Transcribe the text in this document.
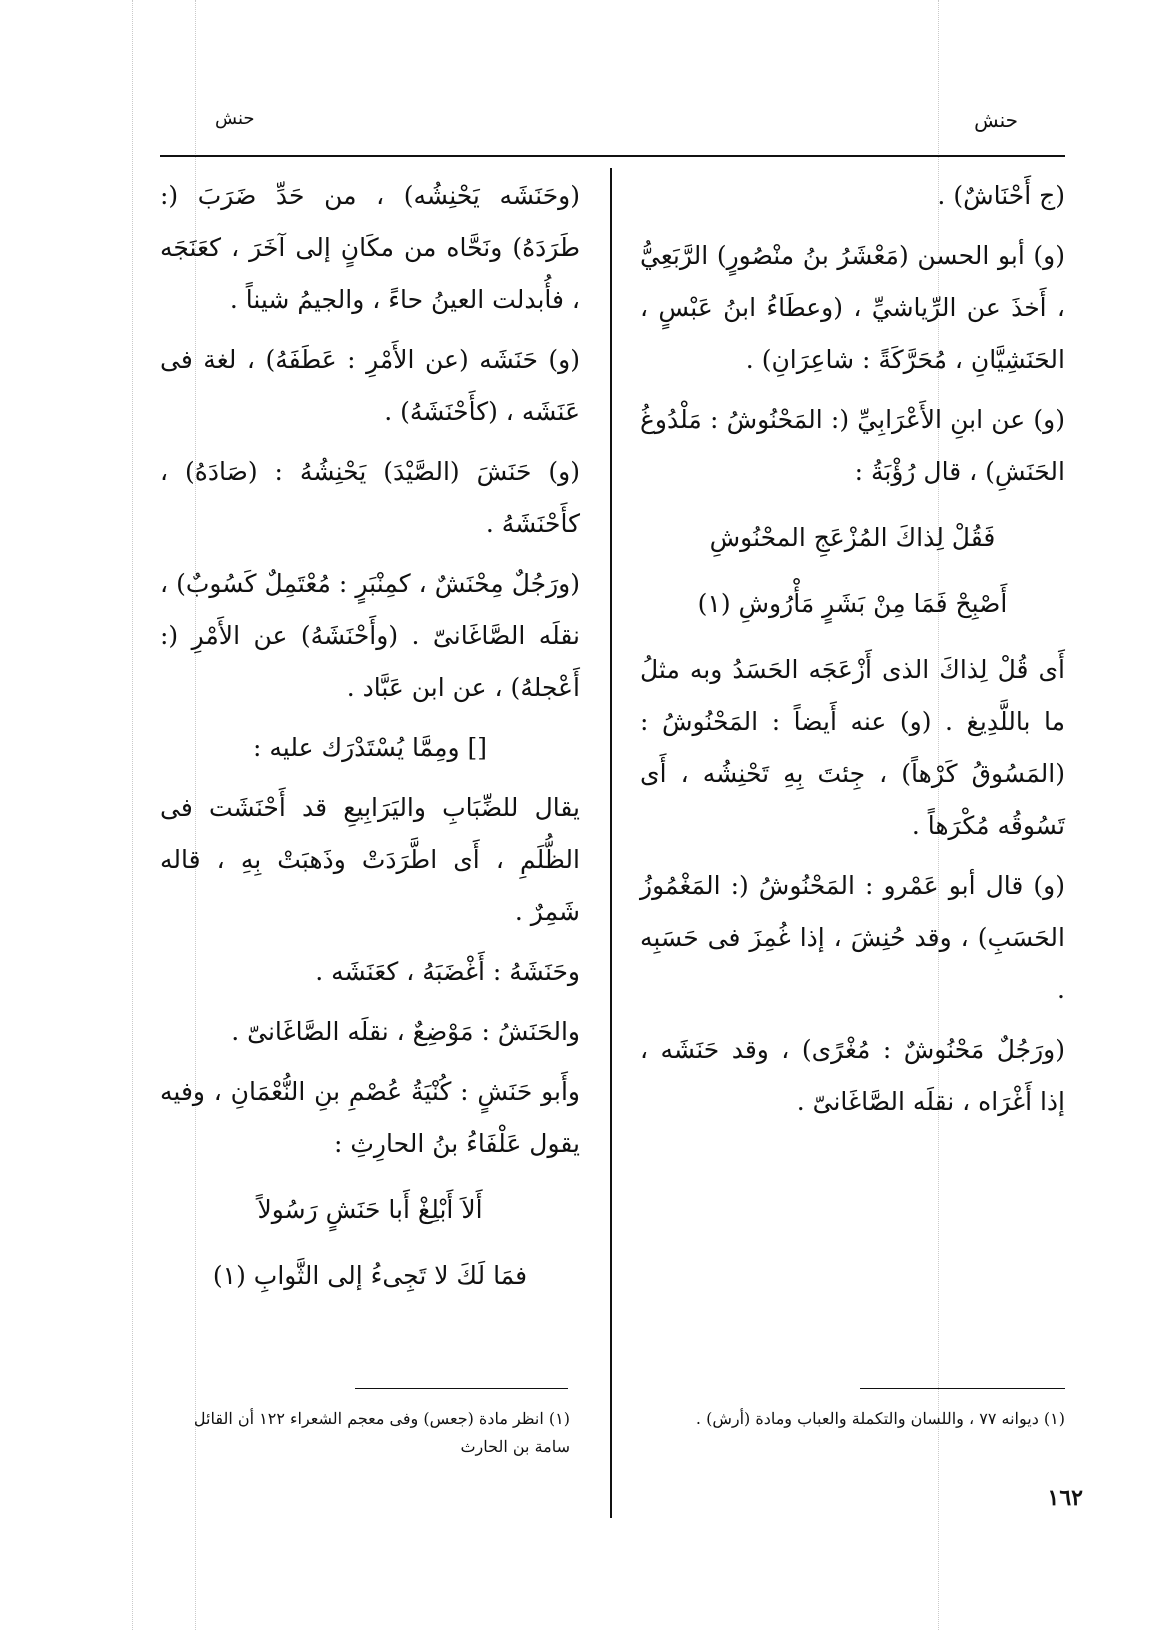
حنش
حنش

(ج أَحْنَاشٌ) .

(و) أبو الحسن (مَعْشَرُ بنُ منْصُورٍ) الرَّبَعِيُّ ، أَخذَ عن الرِّياشيِّ ، (وعطَاءُ ابنُ عَبْسٍ ، الحَنَشِيَّانِ ، مُحَرَّكَةً : شاعِرَانِ) .

(و) عن ابنِ الأَعْرَابِيِّ (: المَحْنُوشُ : مَلْدُوغُ الحَنَشِ) ، قال رُؤْبَةُ :

فَقُلْ لِذاكَ المُزْعَجِ المحْنُوشِ

أَصْبِحْ فَمَا مِنْ بَشَرٍ مَأْرُوشِ (١)

أَى قُلْ لِذاكَ الذى أَزْعَجَه الحَسَدُ وبه مثلُ ما باللَّدِيغ . (و) عنه أَيضاً : المَحْنُوشُ : (المَسُوقُ كَرْهاً) ، جِئتَ بِهِ تَحْنِشُه ، أَى تَسُوقُه مُكْرَهاً .

(و) قال أبو عَمْرو : المَحْنُوشُ (: المَغْمُوزُ الحَسَبِ) ، وقد حُنِشَ ، إذا غُمِزَ فى حَسَبِه .

(ورَجُلٌ مَحْنُوشٌ : مُغْرًى) ، وقد حَنَشَه ، إذا أَغْرَاه ، نقلَه الصَّاغَانىّ .

(وحَنَشَه يَحْنِشُه) ، من حَدِّ ضَرَبَ (: طَرَدَهُ) ونَحَّاه من مكَانٍ إلى آخَرَ ، كعَنَجَه ، فأُبدلت العينُ حاءً ، والجيمُ شيناً .

(و) حَنَشَه (عن الأَمْرِ : عَطَفَهُ) ، لغة فى عَنَشَه ، (كأَحْنَشَهُ) .

(و) حَنَشَ (الصَّيْدَ) يَحْنِشُهُ : (صَادَهُ) ، كأَحْنَشَهُ .

(ورَجُلٌ مِحْنَشٌ ، كمِنْبَرٍ : مُعْتَمِلٌ كَسُوبٌ) ، نقلَه الصَّاغَانىّ . (وأَحْنَشَهُ) عن الأَمْرِ (: أَعْجلهُ) ، عن ابن عَبَّاد .

[] ومِمَّا يُسْتَدْرَك عليه :

يقال للضِّبَابِ واليَرَابِيعِ قد أَحْنَشَت فى الظُّلَمِ ، أَى اطَّرَدَتْ وذَهبَتْ بِهِ ، قاله شَمِرٌ .

وحَنَشَهُ : أَغْضَبَهُ ، كعَنَشَه .

والحَنَشُ : مَوْضِعٌ ، نقلَه الصَّاغَانىّ .

وأَبو حَنَشٍ : كُنْيَةُ عُصْمِ بنِ النُّعْمَانِ ، وفيه يقول عَلْفَاءُ بنُ الحارِثِ :

أَلاَ أَبْلِغْ أَبا حَنَشٍ رَسُولاً

فمَا لَكَ لا تَجِىءُ إلى الثَّوابِ (١)

(١) ديوانه ٧٧ ، واللسان والتكملة والعباب ومادة (أرش) .
(١) انظر مادة (جعس) وفى معجم الشعراء ١٢٢ أن القائل سامة بن الحارث
١٦٢
